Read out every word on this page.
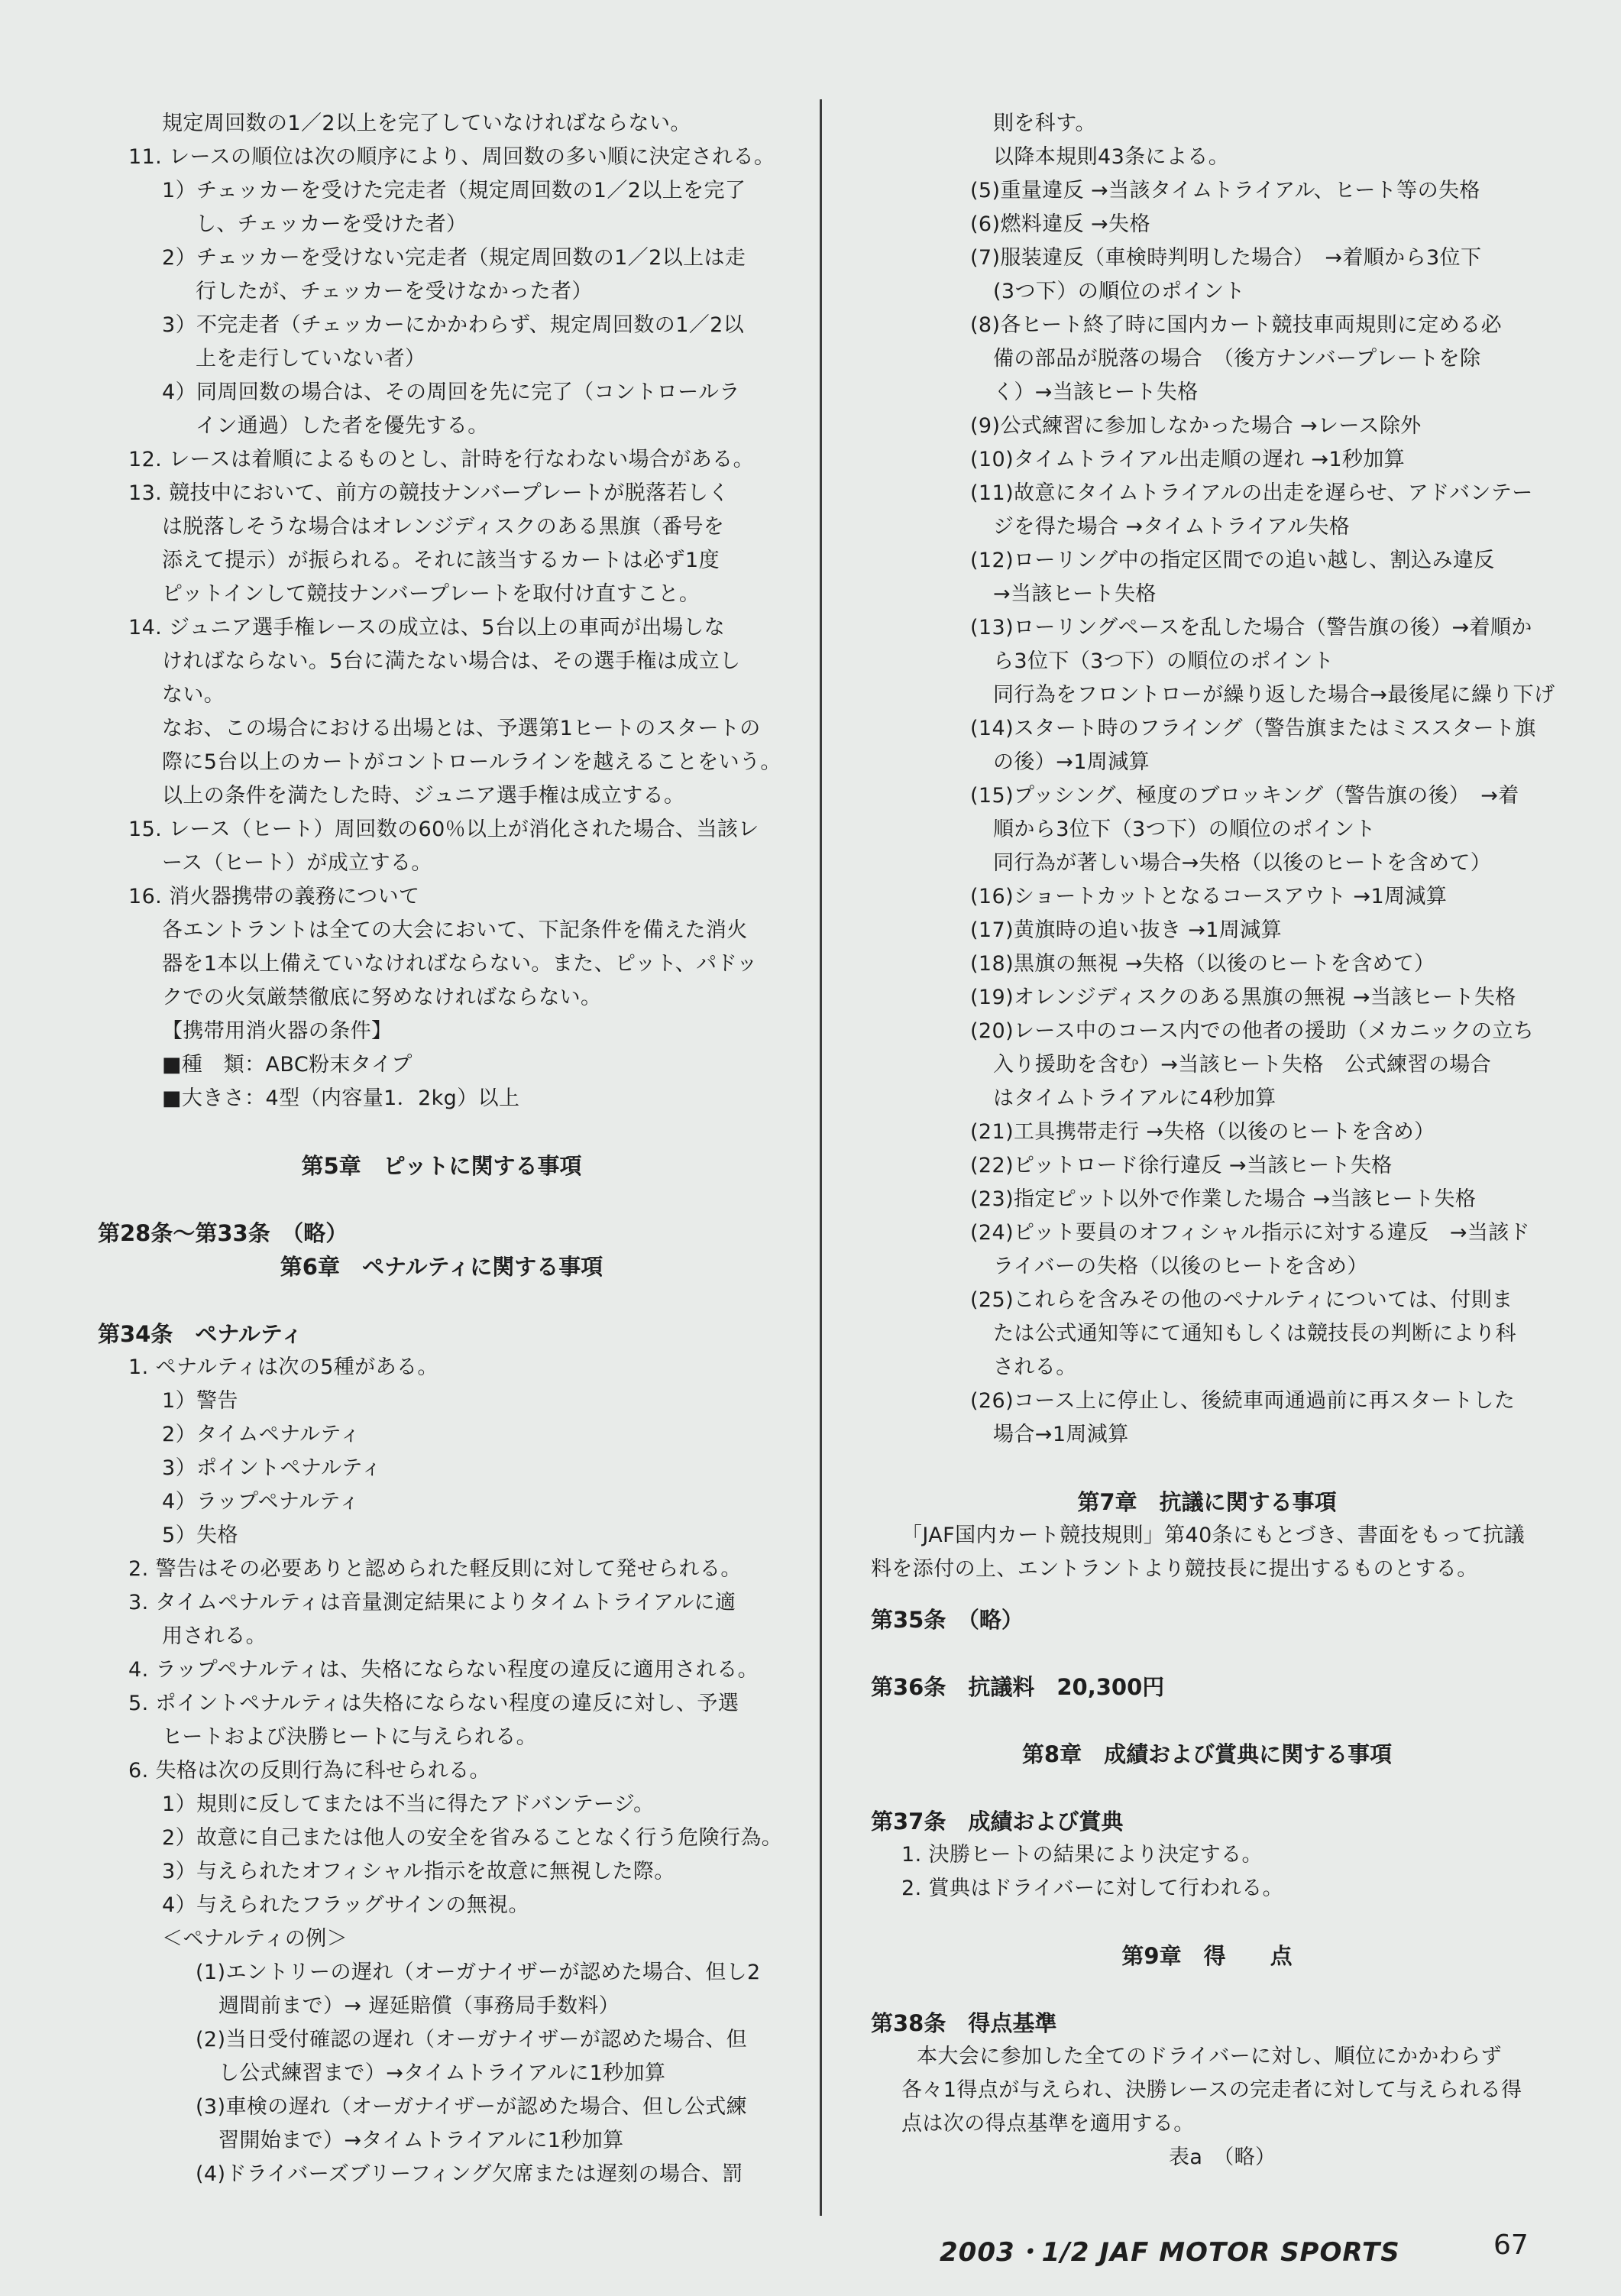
規定周回数の1／2以上を完了していなければならない。
11. レースの順位は次の順序により、周回数の多い順に決定される。
1）チェッカーを受けた完走者（規定周回数の1／2以上を完了
し、チェッカーを受けた者）
2）チェッカーを受けない完走者（規定周回数の1／2以上は走
行したが、チェッカーを受けなかった者）
3）不完走者（チェッカーにかかわらず、規定周回数の1／2以
上を走行していない者）
4）同周回数の場合は、その周回を先に完了（コントロールラ
イン通過）した者を優先する。
12. レースは着順によるものとし、計時を行なわない場合がある。
13. 競技中において、前方の競技ナンバープレートが脱落若しく
は脱落しそうな場合はオレンジディスクのある黒旗（番号を
添えて提示）が振られる。それに該当するカートは必ず1度
ピットインして競技ナンバープレートを取付け直すこと。
14. ジュニア選手権レースの成立は、5台以上の車両が出場しな
ければならない。5台に満たない場合は、その選手権は成立し
ない。
なお、この場合における出場とは、予選第1ヒートのスタートの
際に5台以上のカートがコントロールラインを越えることをいう。
以上の条件を満たした時、ジュニア選手権は成立する。
15. レース（ヒート）周回数の60％以上が消化された場合、当該レ
ース（ヒート）が成立する。
16. 消火器携帯の義務について
各エントラントは全ての大会において、下記条件を備えた消火
器を1本以上備えていなければならない。また、ピット、パドッ
クでの火気厳禁徹底に努めなければならない。
【携帯用消火器の条件】
■種　類：ABC粉末タイプ
■大きさ：4型（内容量1．2kg）以上
第5章　ピットに関する事項
第28条～第33条　（略）
第6章　ペナルティに関する事項
第34条　ペナルティ
1. ペナルティは次の5種がある。
1）警告
2）タイムペナルティ
3）ポイントペナルティ
4）ラップペナルティ
5）失格
2. 警告はその必要ありと認められた軽反則に対して発せられる。
3. タイムペナルティは音量測定結果によりタイムトライアルに適
用される。
4. ラップペナルティは、失格にならない程度の違反に適用される。
5. ポイントペナルティは失格にならない程度の違反に対し、予選
ヒートおよび決勝ヒートに与えられる。
6. 失格は次の反則行為に科せられる。
1）規則に反してまたは不当に得たアドバンテージ。
2）故意に自己または他人の安全を省みることなく行う危険行為。
3）与えられたオフィシャル指示を故意に無視した際。
4）与えられたフラッグサインの無視。
＜ペナルティの例＞
(1)エントリーの遅れ（オーガナイザーが認めた場合、但し2
週間前まで）→ 遅延賠償（事務局手数料）
(2)当日受付確認の遅れ（オーガナイザーが認めた場合、但
し公式練習まで）→タイムトライアルに1秒加算
(3)車検の遅れ（オーガナイザーが認めた場合、但し公式練
習開始まで）→タイムトライアルに1秒加算
(4)ドライバーズブリーフィング欠席または遅刻の場合、罰
則を科す。
以降本規則43条による。
(5)重量違反 →当該タイムトライアル、ヒート等の失格
(6)燃料違反 →失格
(7)服装違反（車検時判明した場合）　→着順から3位下
(3つ下）の順位のポイント
(8)各ヒート終了時に国内カート競技車両規則に定める必
備の部品が脱落の場合　（後方ナンバープレートを除
く）→当該ヒート失格
(9)公式練習に参加しなかった場合 →レース除外
(10)タイムトライアル出走順の遅れ →1秒加算
(11)故意にタイムトライアルの出走を遅らせ、アドバンテー
ジを得た場合 →タイムトライアル失格
(12)ローリング中の指定区間での追い越し、割込み違反
→当該ヒート失格
(13)ローリングペースを乱した場合（警告旗の後）→着順か
ら3位下（3つ下）の順位のポイント
同行為をフロントローが繰り返した場合→最後尾に繰り下げ
(14)スタート時のフライング（警告旗またはミススタート旗
の後）→1周減算
(15)プッシング、極度のブロッキング（警告旗の後）　→着
順から3位下（3つ下）の順位のポイント
同行為が著しい場合→失格（以後のヒートを含めて）
(16)ショートカットとなるコースアウト →1周減算
(17)黄旗時の追い抜き →1周減算
(18)黒旗の無視 →失格（以後のヒートを含めて）
(19)オレンジディスクのある黒旗の無視 →当該ヒート失格
(20)レース中のコース内での他者の援助（メカニックの立ち
入り援助を含む）→当該ヒート失格　公式練習の場合
はタイムトライアルに4秒加算
(21)工具携帯走行 →失格（以後のヒートを含め）
(22)ピットロード徐行違反 →当該ヒート失格
(23)指定ピット以外で作業した場合 →当該ヒート失格
(24)ピット要員のオフィシャル指示に対する違反　→当該ド
ライバーの失格（以後のヒートを含め）
(25)これらを含みその他のペナルティについては、付則ま
たは公式通知等にて通知もしくは競技長の判断により科
される。
(26)コース上に停止し、後続車両通過前に再スタートした
場合→1周減算
第7章　抗議に関する事項
「JAF国内カート競技規則」第40条にもとづき、書面をもって抗議
料を添付の上、エントラントより競技長に提出するものとする。
第35条　（略）
第36条　抗議料　20,300円
第8章　成績および賞典に関する事項
第37条　成績および賞典
1. 決勝ヒートの結果により決定する。
2. 賞典はドライバーに対して行われる。
第9章　得　　点
第38条　得点基準
本大会に参加した全てのドライバーに対し、順位にかかわらず
各々1得点が与えられ、決勝レースの完走者に対して与えられる得
点は次の得点基準を適用する。
表a　（略）
2003・1/2 JAF MOTOR SPORTS	67
